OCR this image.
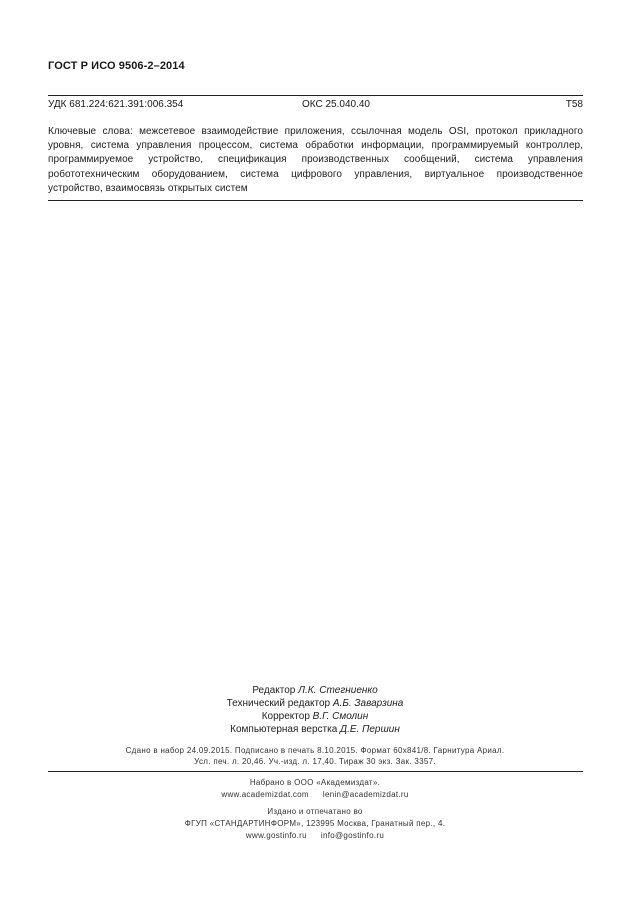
ГОСТ Р ИСО 9506-2–2014
УДК 681.224:621.391:006.354	ОКС 25.040.40	Т58
Ключевые слова: межсетевое взаимодействие приложения, ссылочная модель OSI, протокол прикладного уровня, система управления процессом, система обработки информации, программируемый контроллер, программируемое устройство, спецификация производственных сообщений, система управления робототехническим оборудованием, система цифрового управления, виртуальное производственное устройство, взаимосвязь открытых систем
Редактор Л.К. Стегниенко
Технический редактор А.Б. Заварзина
Корректор В.Г. Смолин
Компьютерная верстка Д.Е. Першин
Сдано в набор 24.09.2015. Подписано в печать 8.10.2015. Формат 60х841/8. Гарнитура Ариал.
Усл. печ. л. 20,46. Уч.-изд. л. 17,40. Тираж 30 экз. Зак. 3357.
Набрано в ООО «Академиздат».
www.academizdat.com lenin@academizdat.ru
Издано и отпечатано во
ФГУП «СТАНДАРТИНФОРМ», 123995 Москва, Гранатный пер., 4.
www.gostinfo.ru info@gostinfo.ru
